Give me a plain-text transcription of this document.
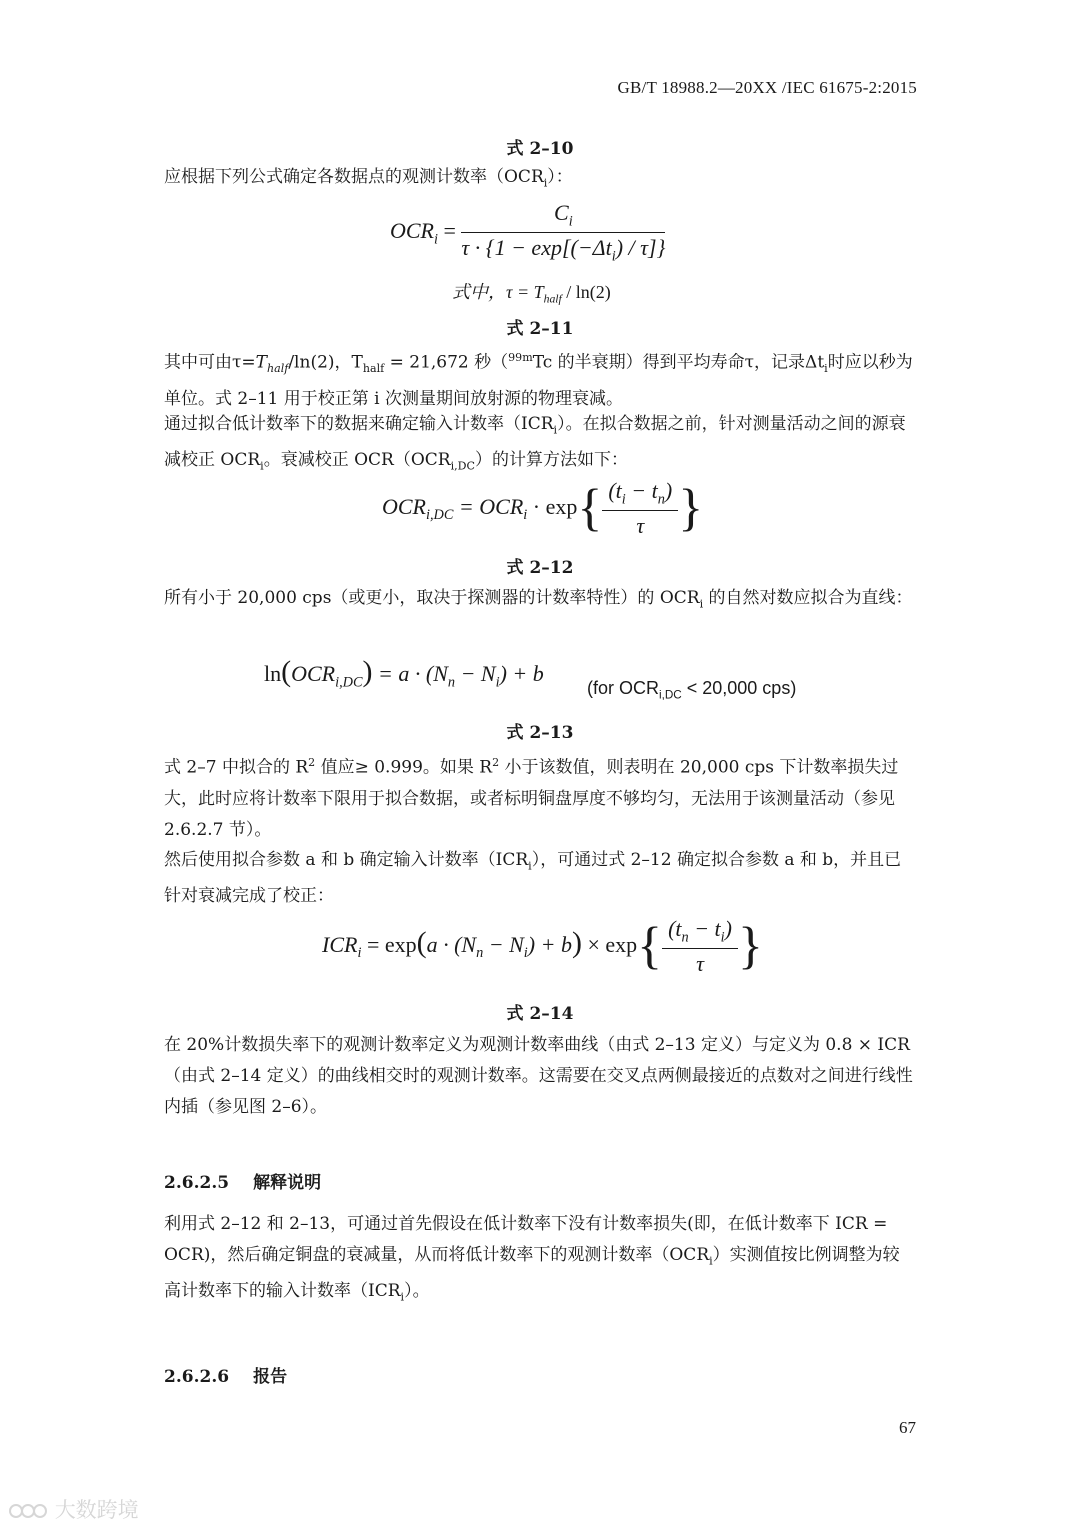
GB/T 18988.2—20XX /IEC 61675-2:2015
式 2–10

应根据下列公式确定各数据点的观测计数率$(OCR_i)$：

$OCR_i = \frac{C_i}{\tau \cdot \{1 - \exp[(-\Delta t_i) / \tau]\}}$
式中，$\tau = T_{half} / \ln(2)$
式 2–11

其中可由$\tau=T_{half}/\ln(2)$，$T_{half} = 21,672$ 秒（$^{99m}$Tc 的半衰期）得到平均寿命τ，记录$\Delta t_i$时应以秒为单位。式 2–11 用于校正第 i 次测量期间放射源的物理衰减。

通过拟合低计数率下的数据来确定输入计数率$(ICR_i)$。在拟合数据之前，针对测量活动之间的源衰减校正 $OCR_i$。衰减校正 $OCR(OCR_{i,DC})$的计算方法如下：

$OCR_{i,DC} = OCR_i \cdot \exp\{ \frac{(t_i - t_n)}{\tau}$ }
式 2–12

所有小于 20,000 cps（或更小，取决于探测器的计数率特性）的 $OCR_i$ 的自然对数应拟合为直线：

$\ln(OCR_{i,DC}) = a \cdot (N_n - N_i) + b$
(for $OCR_{i,DC} < 20,000$ cps)
式 2–13

式 2–7 中拟合的 $R^2$ 值应≥ 0.999。如果 $R^2$ 小于该数值，则表明在 20,000 cps 下计数率损失过大，此时应将计数率下限用于拟合数据，或者标明铜盘厚度不够均匀，无法用于该测量活动（参见 2.6.2.7 节）。

然后使用拟合参数 a 和 b 确定输入计数率$(ICR_i)$，可通过式 2–12 确定拟合参数 a 和 b，并且已针对衰减完成了校正：

$ICR_i = \exp(a \cdot (N_n - N_i) + b) \times \exp\{ \frac{(t_n - t_i)}{\tau}$ }
式 2–14

在 20%计数损失率下的观测计数率定义为观测计数率曲线（由式 2–13 定义）与定义为 0.8 × ICR（由式 2–14 定义）的曲线相交时的观测计数率。这需要在交叉点两侧最接近的点数对之间进行线性内插（参见图 2–6）。

2.6.2.5 解释说明

利用式 2–12 和 2–13，可通过首先假设在低计数率下没有计数率损失(即，在低计数率下 ICR = OCR)，然后确定铜盘的衰减量，从而将低计数率下的观测计数率$(OCR_i)$实测值按比例调整为较高计数率下的输入计数率$(ICR_i)$。

2.6.2.6 报告
67
大数跨境
